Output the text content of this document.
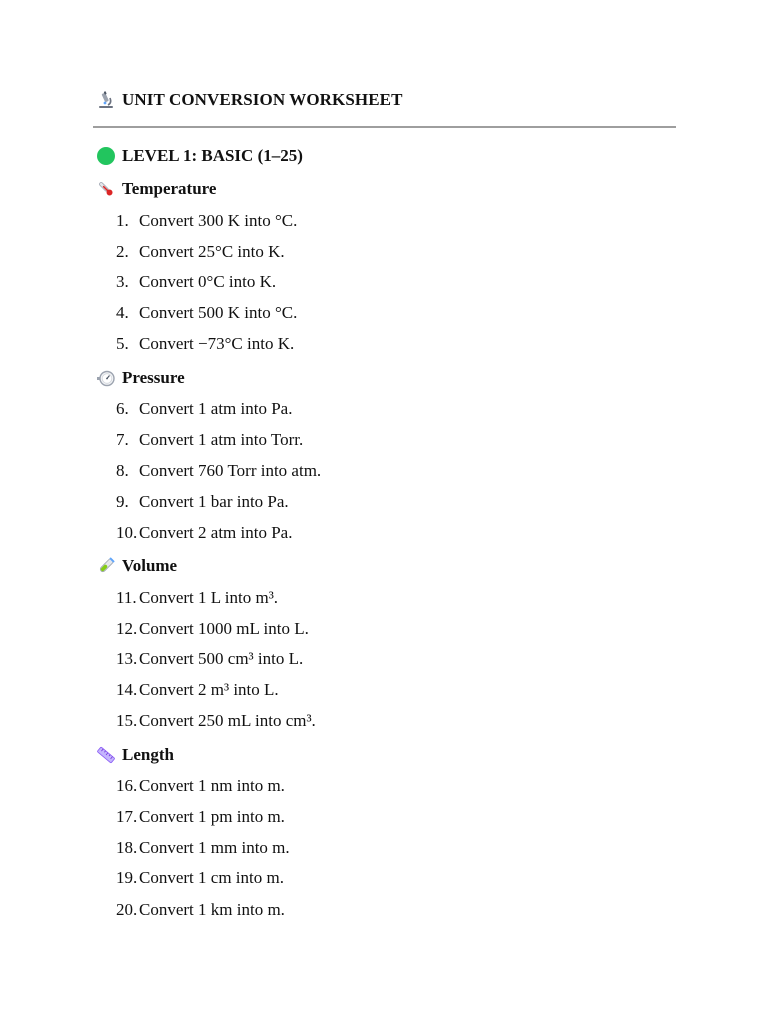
UNIT CONVERSION WORKSHEET
LEVEL 1: BASIC (1–25)
Temperature
1. Convert 300 K into °C.
2. Convert 25°C into K.
3. Convert 0°C into K.
4. Convert 500 K into °C.
5. Convert −73°C into K.
Pressure
6. Convert 1 atm into Pa.
7. Convert 1 atm into Torr.
8. Convert 760 Torr into atm.
9. Convert 1 bar into Pa.
10. Convert 2 atm into Pa.
Volume
11. Convert 1 L into m³.
12. Convert 1000 mL into L.
13. Convert 500 cm³ into L.
14. Convert 2 m³ into L.
15. Convert 250 mL into cm³.
Length
16. Convert 1 nm into m.
17. Convert 1 pm into m.
18. Convert 1 mm into m.
19. Convert 1 cm into m.
20. Convert 1 km into m.
